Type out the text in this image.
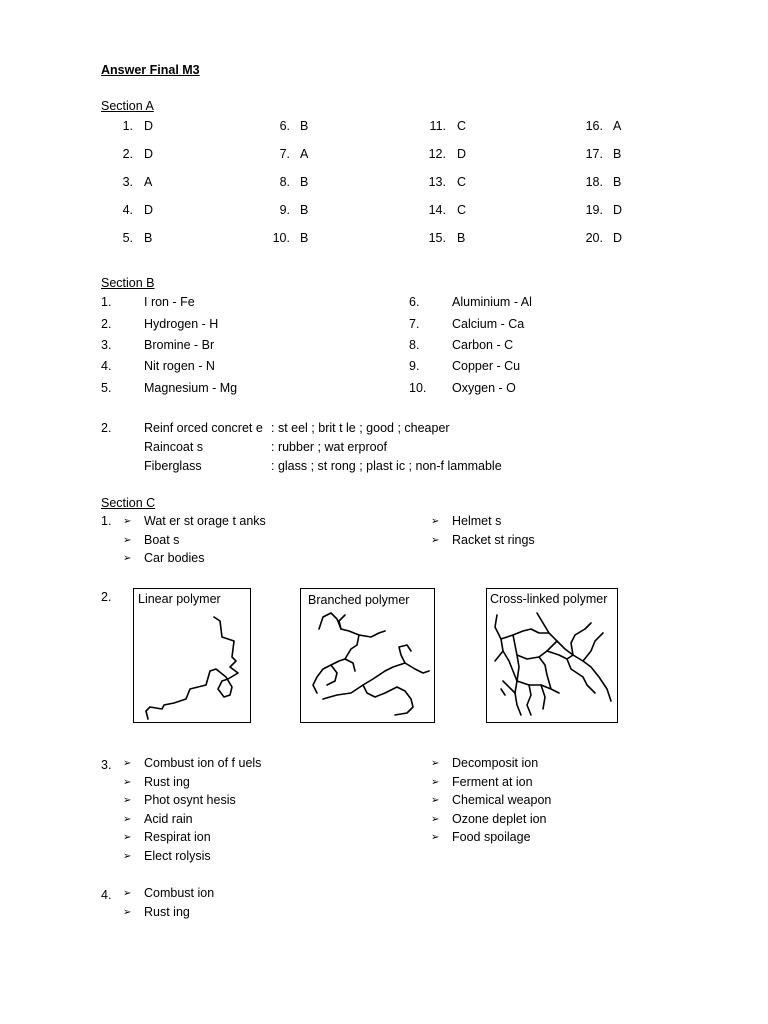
Answer Final M3
Section A
1. D
2. D
3. A
4. D
5. B
6. B
7. A
8. B
9. B
10. B
11. C
12. D
13. C
14. C
15. B
16. A
17. B
18. B
19. D
20. D
Section B
1.	I ron - Fe
2.	Hydrogen - H
3.	Bromine - Br
4.	Nit rogen - N
5.	Magnesium - Mg
6.	Aluminium - Al
7.	Calcium - Ca
8.	Carbon - C
9.	Copper - Cu
10. Oxygen - O
2.	Reinf orced concret e : st eel ; brit t le ; good ; cheaper
Raincoat s	: rubber ; wat erproof
Fiberglass	: glass ; st rong ; plast ic ; non-f lammable
Section C
1. ➢ Wat er st orage t anks
➢ Boat s
➢ Car bodies
➢ Helmet s
➢ Racket st rings
2. Linear polymer	Branched polymer	Cross-linked polymer
3. ➢ Combust ion of f uels
➢ Rust ing
➢ Phot osynt hesis
➢ Acid rain
➢ Respirat ion
➢ Elect rolysis
➢ Decomposit ion
➢ Ferment at ion
➢ Chemical weapon
➢ Ozone deplet ion
➢ Food spoilage
4. ➢ Combust ion
➢ Rust ing
